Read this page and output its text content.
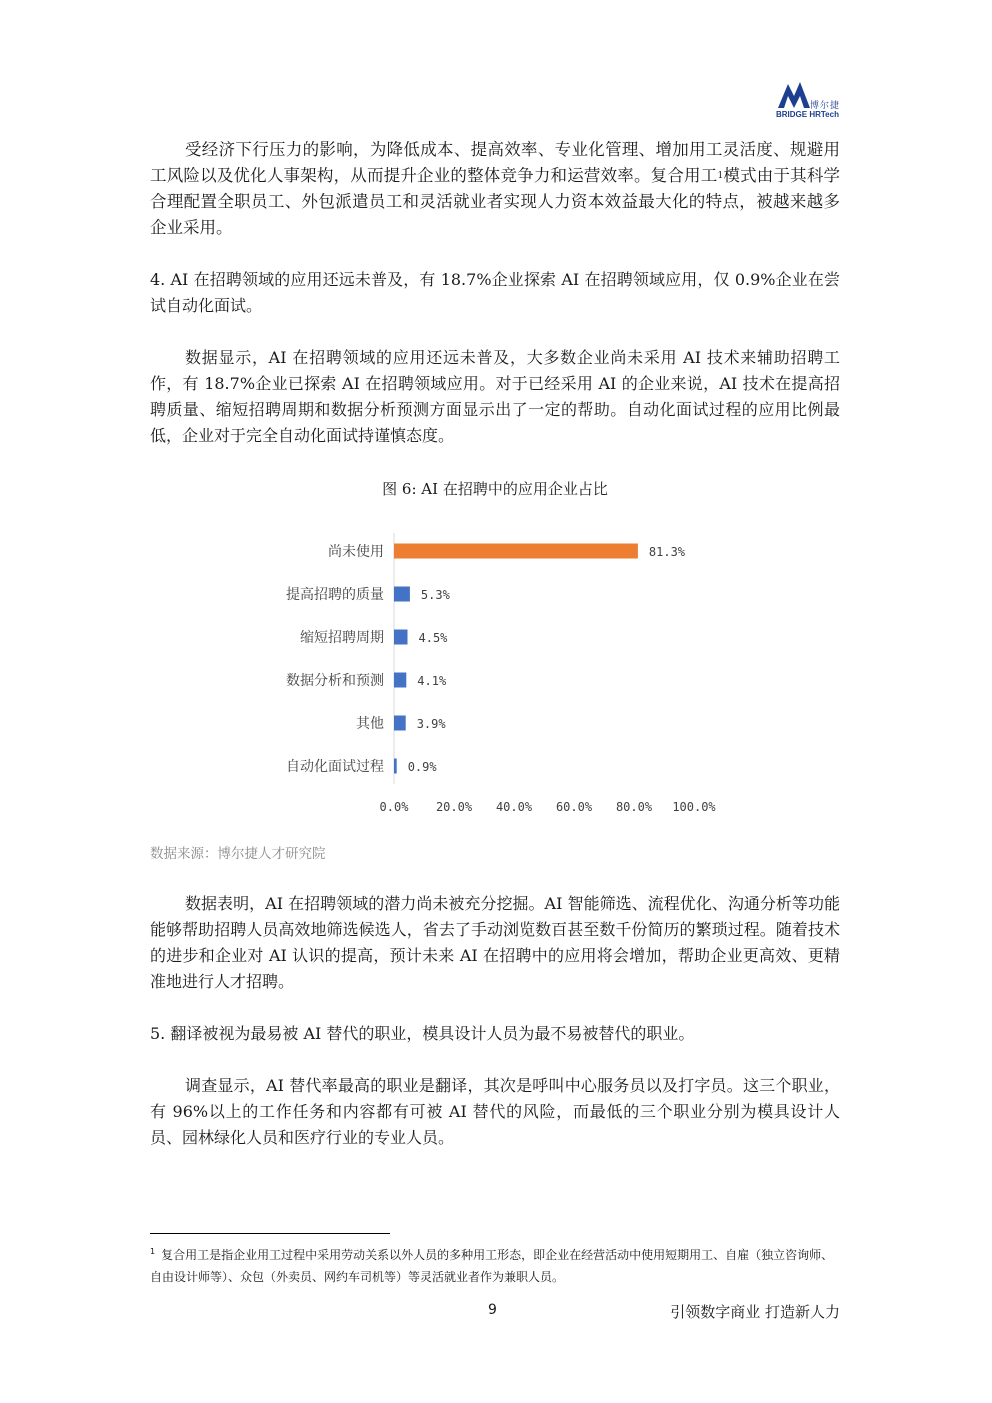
博尔捷
BRIDGE HRTech
受经济下行压力的影响，为降低成本、提高效率、专业化管理、增加用工灵活度、规避用工风险以及优化人事架构，从而提升企业的整体竞争力和运营效率。复合用工$^1$模式由于其科学合理配置全职员工、外包派遣员工和灵活就业者实现人力资本效益最大化的特点，被越来越多企业采用。
4. AI 在招聘领域的应用还远未普及，有 18.7%企业探索 AI 在招聘领域应用，仅 0.9%企业在尝试自动化面试。
数据显示，AI 在招聘领域的应用还远未普及，大多数企业尚未采用 AI 技术来辅助招聘工作，有 18.7%企业已探索 AI 在招聘领域应用。对于已经采用 AI 的企业来说，AI 技术在提高招聘质量、缩短招聘周期和数据分析预测方面显示出了一定的帮助。自动化面试过程的应用比例最低，企业对于完全自动化面试持谨慎态度。
图 6: AI 在招聘中的应用企业占比
尚未使用	81.3%
提高招聘的质量	5.3%
缩短招聘周期	4.5%
数据分析和预测	4.1%
其他	3.9%
自动化面试过程 0.9%
0.0% 20.0% 40.0% 60.0% 80.0% 100.0%
数据来源：博尔捷人才研究院
数据表明，AI 在招聘领域的潜力尚未被充分挖掘。AI 智能筛选、流程优化、沟通分析等功能能够帮助招聘人员高效地筛选候选人，省去了手动浏览数百甚至数千份简历的繁琐过程。随着技术的进步和企业对 AI 认识的提高，预计未来 AI 在招聘中的应用将会增加，帮助企业更高效、更精准地进行人才招聘。
5. 翻译被视为最易被 AI 替代的职业，模具设计人员为最不易被替代的职业。
调查显示，AI 替代率最高的职业是翻译，其次是呼叫中心服务员以及打字员。这三个职业，有 96%以上的工作任务和内容都有可被 AI 替代的风险，而最低的三个职业分别为模具设计人员、园林绿化人员和医疗行业的专业人员。
$^1$ 复合用工是指企业用工过程中采用劳动关系以外人员的多种用工形态，即企业在经营活动中使用短期用工、自雇（独立咨询师、自由设计师等）、众包（外卖员、网约车司机等）等灵活就业者作为兼职人员。
9	引领数字商业 打造新人力
